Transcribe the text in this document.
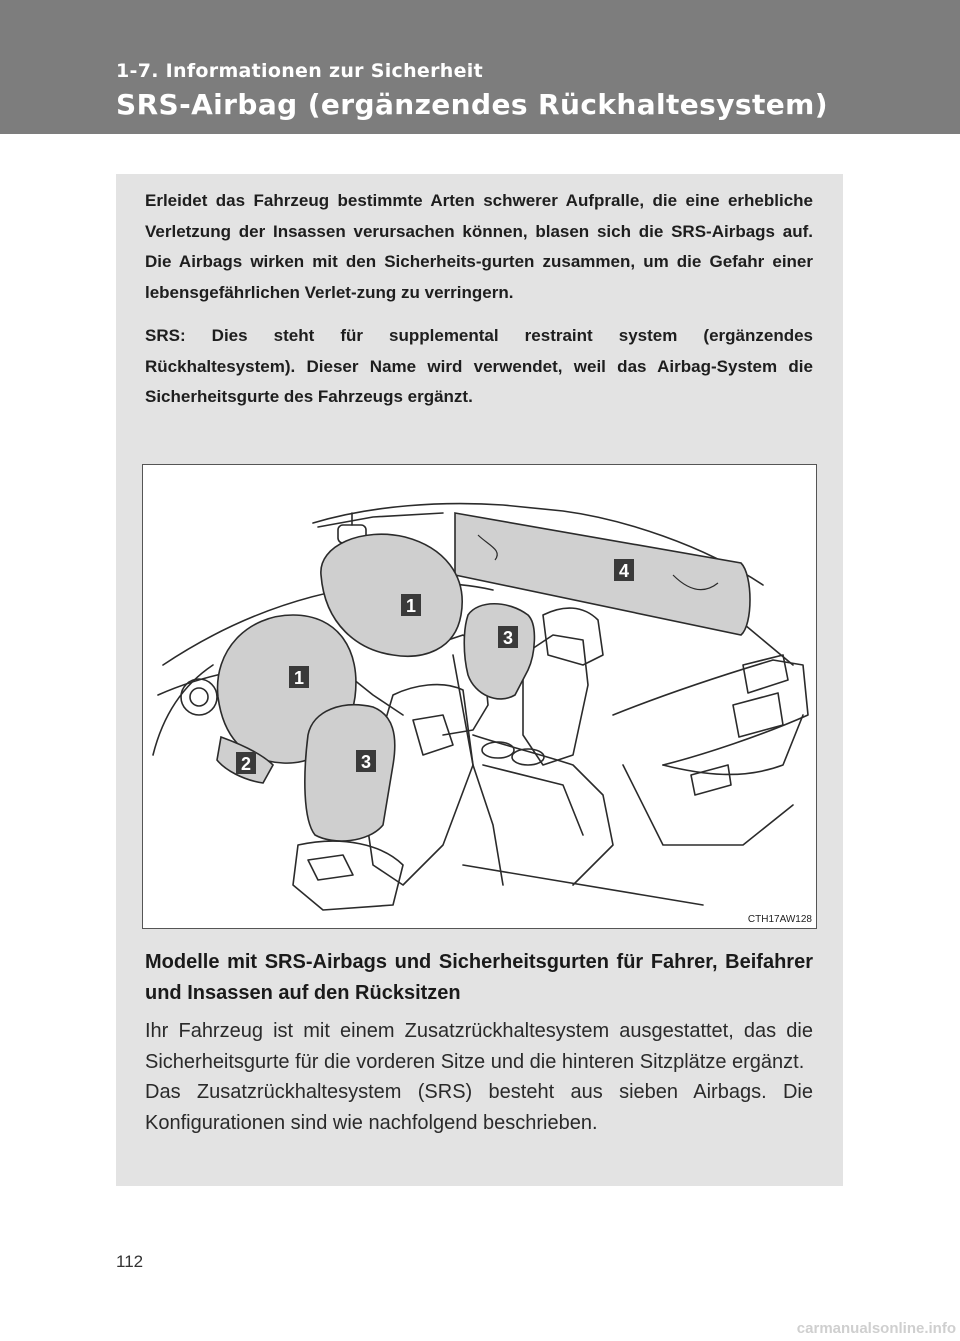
1-7. Informationen zur Sicherheit
SRS-Airbag (ergänzendes Rückhaltesystem)

Erleidet das Fahrzeug bestimmte Arten schwerer Aufpralle, die eine erhebliche Verletzung der Insassen verursachen können, blasen sich die SRS-Airbags auf. Die Airbags wirken mit den Sicherheits-gurten zusammen, um die Gefahr einer lebensgefährlichen Verlet-zung zu verringern.

SRS: Dies steht für supplemental restraint system (ergänzendes Rückhaltesystem). Dieser Name wird verwendet, weil das Airbag-System die Sicherheitsgurte des Fahrzeugs ergänzt.

1
1
2	3
3
4
CTH17AW128
Modelle mit SRS-Airbags und Sicherheitsgurten für Fahrer, Beifahrer und Insassen auf den Rücksitzen

Ihr Fahrzeug ist mit einem Zusatzrückhaltesystem ausgestattet, das die Sicherheitsgurte für die vorderen Sitze und die hinteren Sitzplätze ergänzt.

Das Zusatzrückhaltesystem (SRS) besteht aus sieben Airbags. Die Konfigurationen sind wie nachfolgend beschrieben.

112
carmanualsonline.info
